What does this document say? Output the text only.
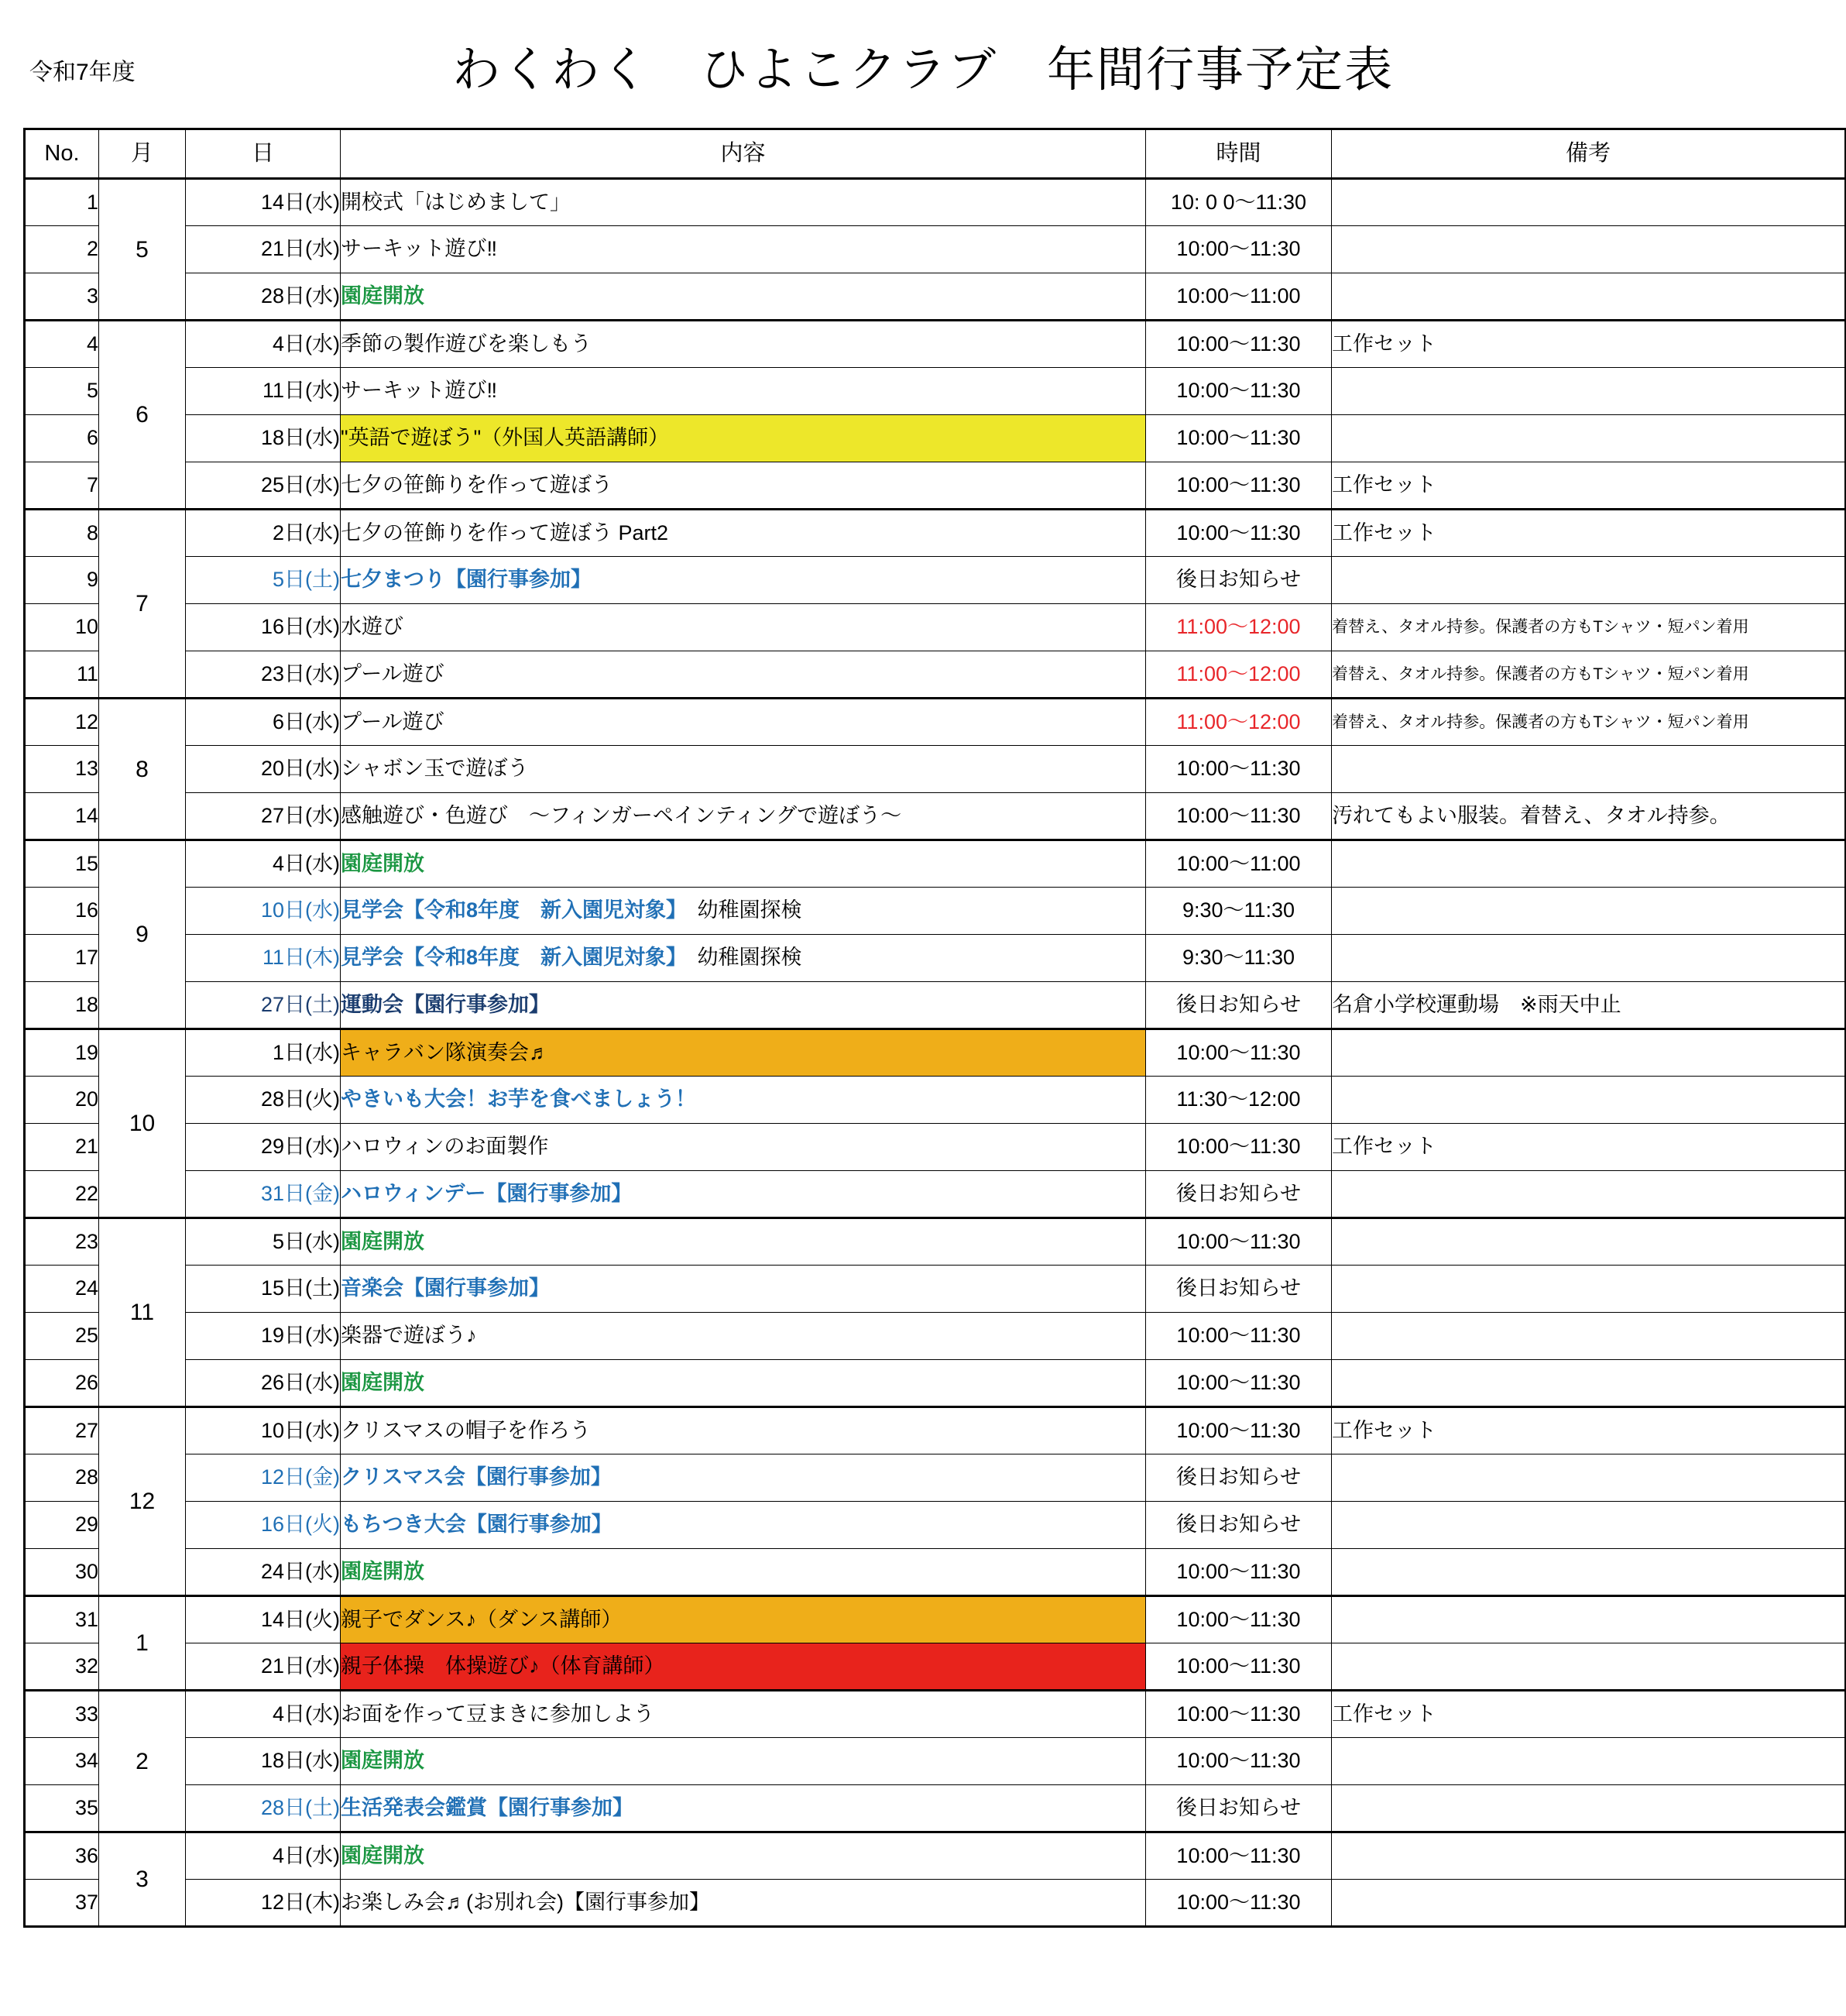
令和7年度	わくわく　ひよこクラブ　年間行事予定表
No.	月	日	内容	時間	備考
1	5	14日(水)	開校式「はじめまして」	10: 0 0〜11:30	
2		21日(水)	サーキット遊び‼	10:00〜11:30	
3		28日(水)	園庭開放	10:00〜11:00	
4	6	4日(水)	季節の製作遊びを楽しもう	10:00〜11:30	工作セット
5		11日(水)	サーキット遊び‼	10:00〜11:30	
6		18日(水)	"英語で遊ぼう"（外国人英語講師）	10:00〜11:30	
7		25日(水)	七夕の笹飾りを作って遊ぼう	10:00〜11:30	工作セット
8	7	2日(水)	七夕の笹飾りを作って遊ぼう Part2	10:00〜11:30	工作セット
9		5日(土)	七夕まつり【園行事参加】	後日お知らせ	
10		16日(水)	水遊び	11:00〜12:00	着替え、タオル持参。保護者の方もTシャツ・短パン着用
11		23日(水)	プール遊び	11:00〜12:00	着替え、タオル持参。保護者の方もTシャツ・短パン着用
12	8	6日(水)	プール遊び	11:00〜12:00	着替え、タオル持参。保護者の方もTシャツ・短パン着用
13		20日(水)	シャボン玉で遊ぼう	10:00〜11:30	
14		27日(水)	感触遊び・色遊び　〜フィンガーペインティングで遊ぼう〜	10:00〜11:30	汚れてもよい服装。着替え、タオル持参。
15	9	4日(水)	園庭開放	10:00〜11:00	
16		10日(水)	見学会【令和8年度　新入園児対象】　幼稚園探検	9:30〜11:30	
17		11日(木)	見学会【令和8年度　新入園児対象】　幼稚園探検	9:30〜11:30	
18		27日(土)	運動会【園行事参加】	後日お知らせ	名倉小学校運動場　※雨天中止
19	10	1日(水)	キャラバン隊演奏会♬	10:00〜11:30	
20		28日(火)	やきいも大会！お芋を食べましょう！	11:30〜12:00	
21		29日(水)	ハロウィンのお面製作	10:00〜11:30	工作セット
22		31日(金)	ハロウィンデー【園行事参加】	後日お知らせ	
23	11	5日(水)	園庭開放	10:00〜11:30	
24		15日(土)	音楽会【園行事参加】	後日お知らせ	
25		19日(水)	楽器で遊ぼう♪	10:00〜11:30	
26		26日(水)	園庭開放	10:00〜11:30	
27	12	10日(水)	クリスマスの帽子を作ろう	10:00〜11:30	工作セット
28		12日(金)	クリスマス会【園行事参加】	後日お知らせ	
29		16日(火)	もちつき大会【園行事参加】	後日お知らせ	
30		24日(水)	園庭開放	10:00〜11:30	
31	1	14日(火)	親子でダンス♪（ダンス講師）	10:00〜11:30	
32		21日(水)	親子体操　体操遊び♪（体育講師）	10:00〜11:30	
33	2	4日(水)	お面を作って豆まきに参加しよう	10:00〜11:30	工作セット
34		18日(水)	園庭開放	10:00〜11:30	
35		28日(土)	生活発表会鑑賞【園行事参加】	後日お知らせ	
36	3	4日(水)	園庭開放	10:00〜11:30	
37		12日(木)	お楽しみ会♬(お別れ会)【園行事参加】	10:00〜11:30	
